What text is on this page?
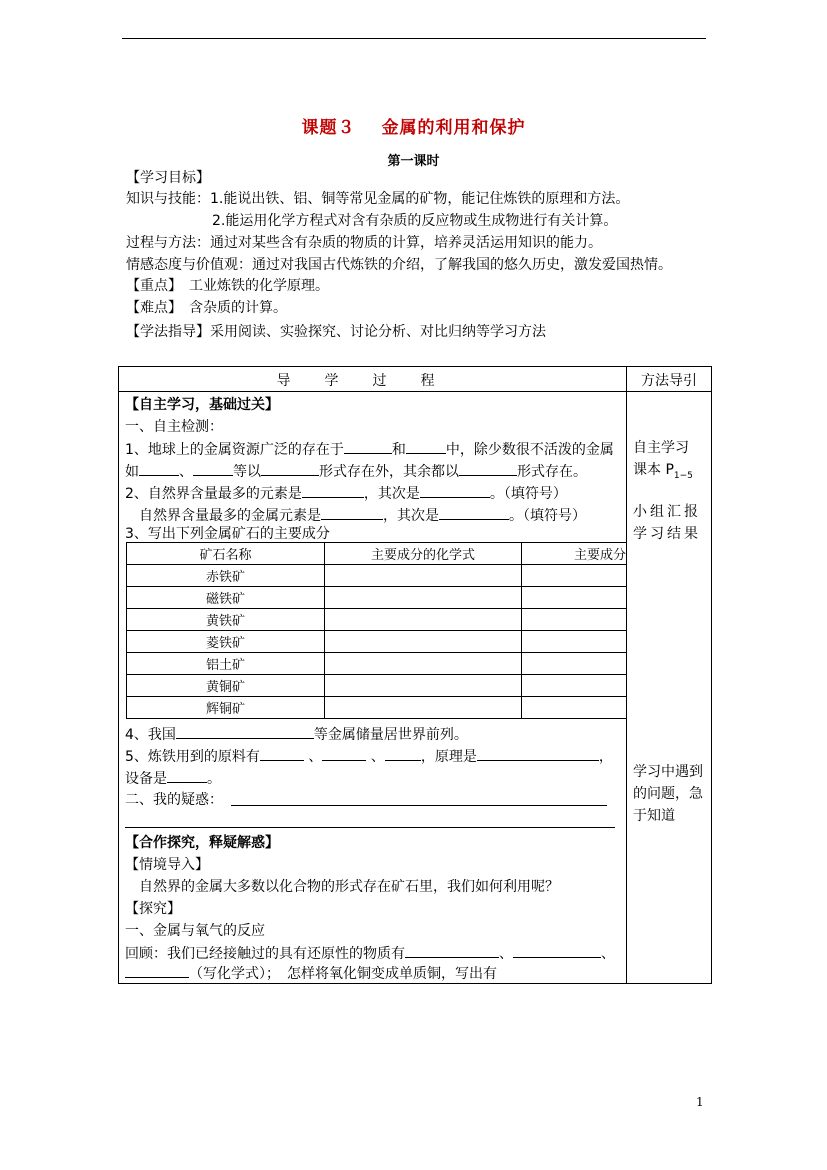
课题３ 金属的利用和保护
第一课时
【学习目标】
知识与技能：1.能说出铁、铝、铜等常见金属的矿物，能记住炼铁的原理和方法。
2.能运用化学方程式对含有杂质的反应物或生成物进行有关计算。
过程与方法：通过对某些含有杂质的物质的计算，培养灵活运用知识的能力。
情感态度与价值观：通过对我国古代炼铁的介绍，了解我国的悠久历史，激发爱国热情。
【重点】　工业炼铁的化学原理。
【难点】　含杂质的计算。
【学法指导】采用阅读、实验探究、讨论分析、对比归纳等学习方法
导学过程	方法导引
【自主学习，基础过关】
一、自主检测：
1、地球上的金属资源广泛的存在于	和	中，除少数很不活泼的金属
如	、	等以	形式存在外，其余都以	形式存在。
2、自然界含量最多的元素是	，其次是	。（填符号）
自然界含量最多的金属元素是	，其次是	。（填符号）
3、写出下列金属矿石的主要成分
矿石名称	主要成分的化学式	主要成分
赤铁矿		
磁铁矿		
黄铁矿		
菱铁矿		
铝土矿		
黄铜矿		
辉铜矿		
4、我国	等金属储量居世界前列。
5、炼铁用到的原料有	、	、	，原理是	，
设备是	。
二、我的疑惑：
【合作探究，释疑解惑】
【情境导入】
自然界的金属大多数以化合物的形式存在矿石里，我们如何利用呢？
【探究】
一、金属与氧气的反应
回顾：我们已经接触过的具有还原性的物质有	、	、
（写化学式）；　怎样将氧化铜变成单质铜，写出有
自主学习
课本 $P_{1-5}$
小组汇报学习结果
学习中遇到的问题，急于知道
1
